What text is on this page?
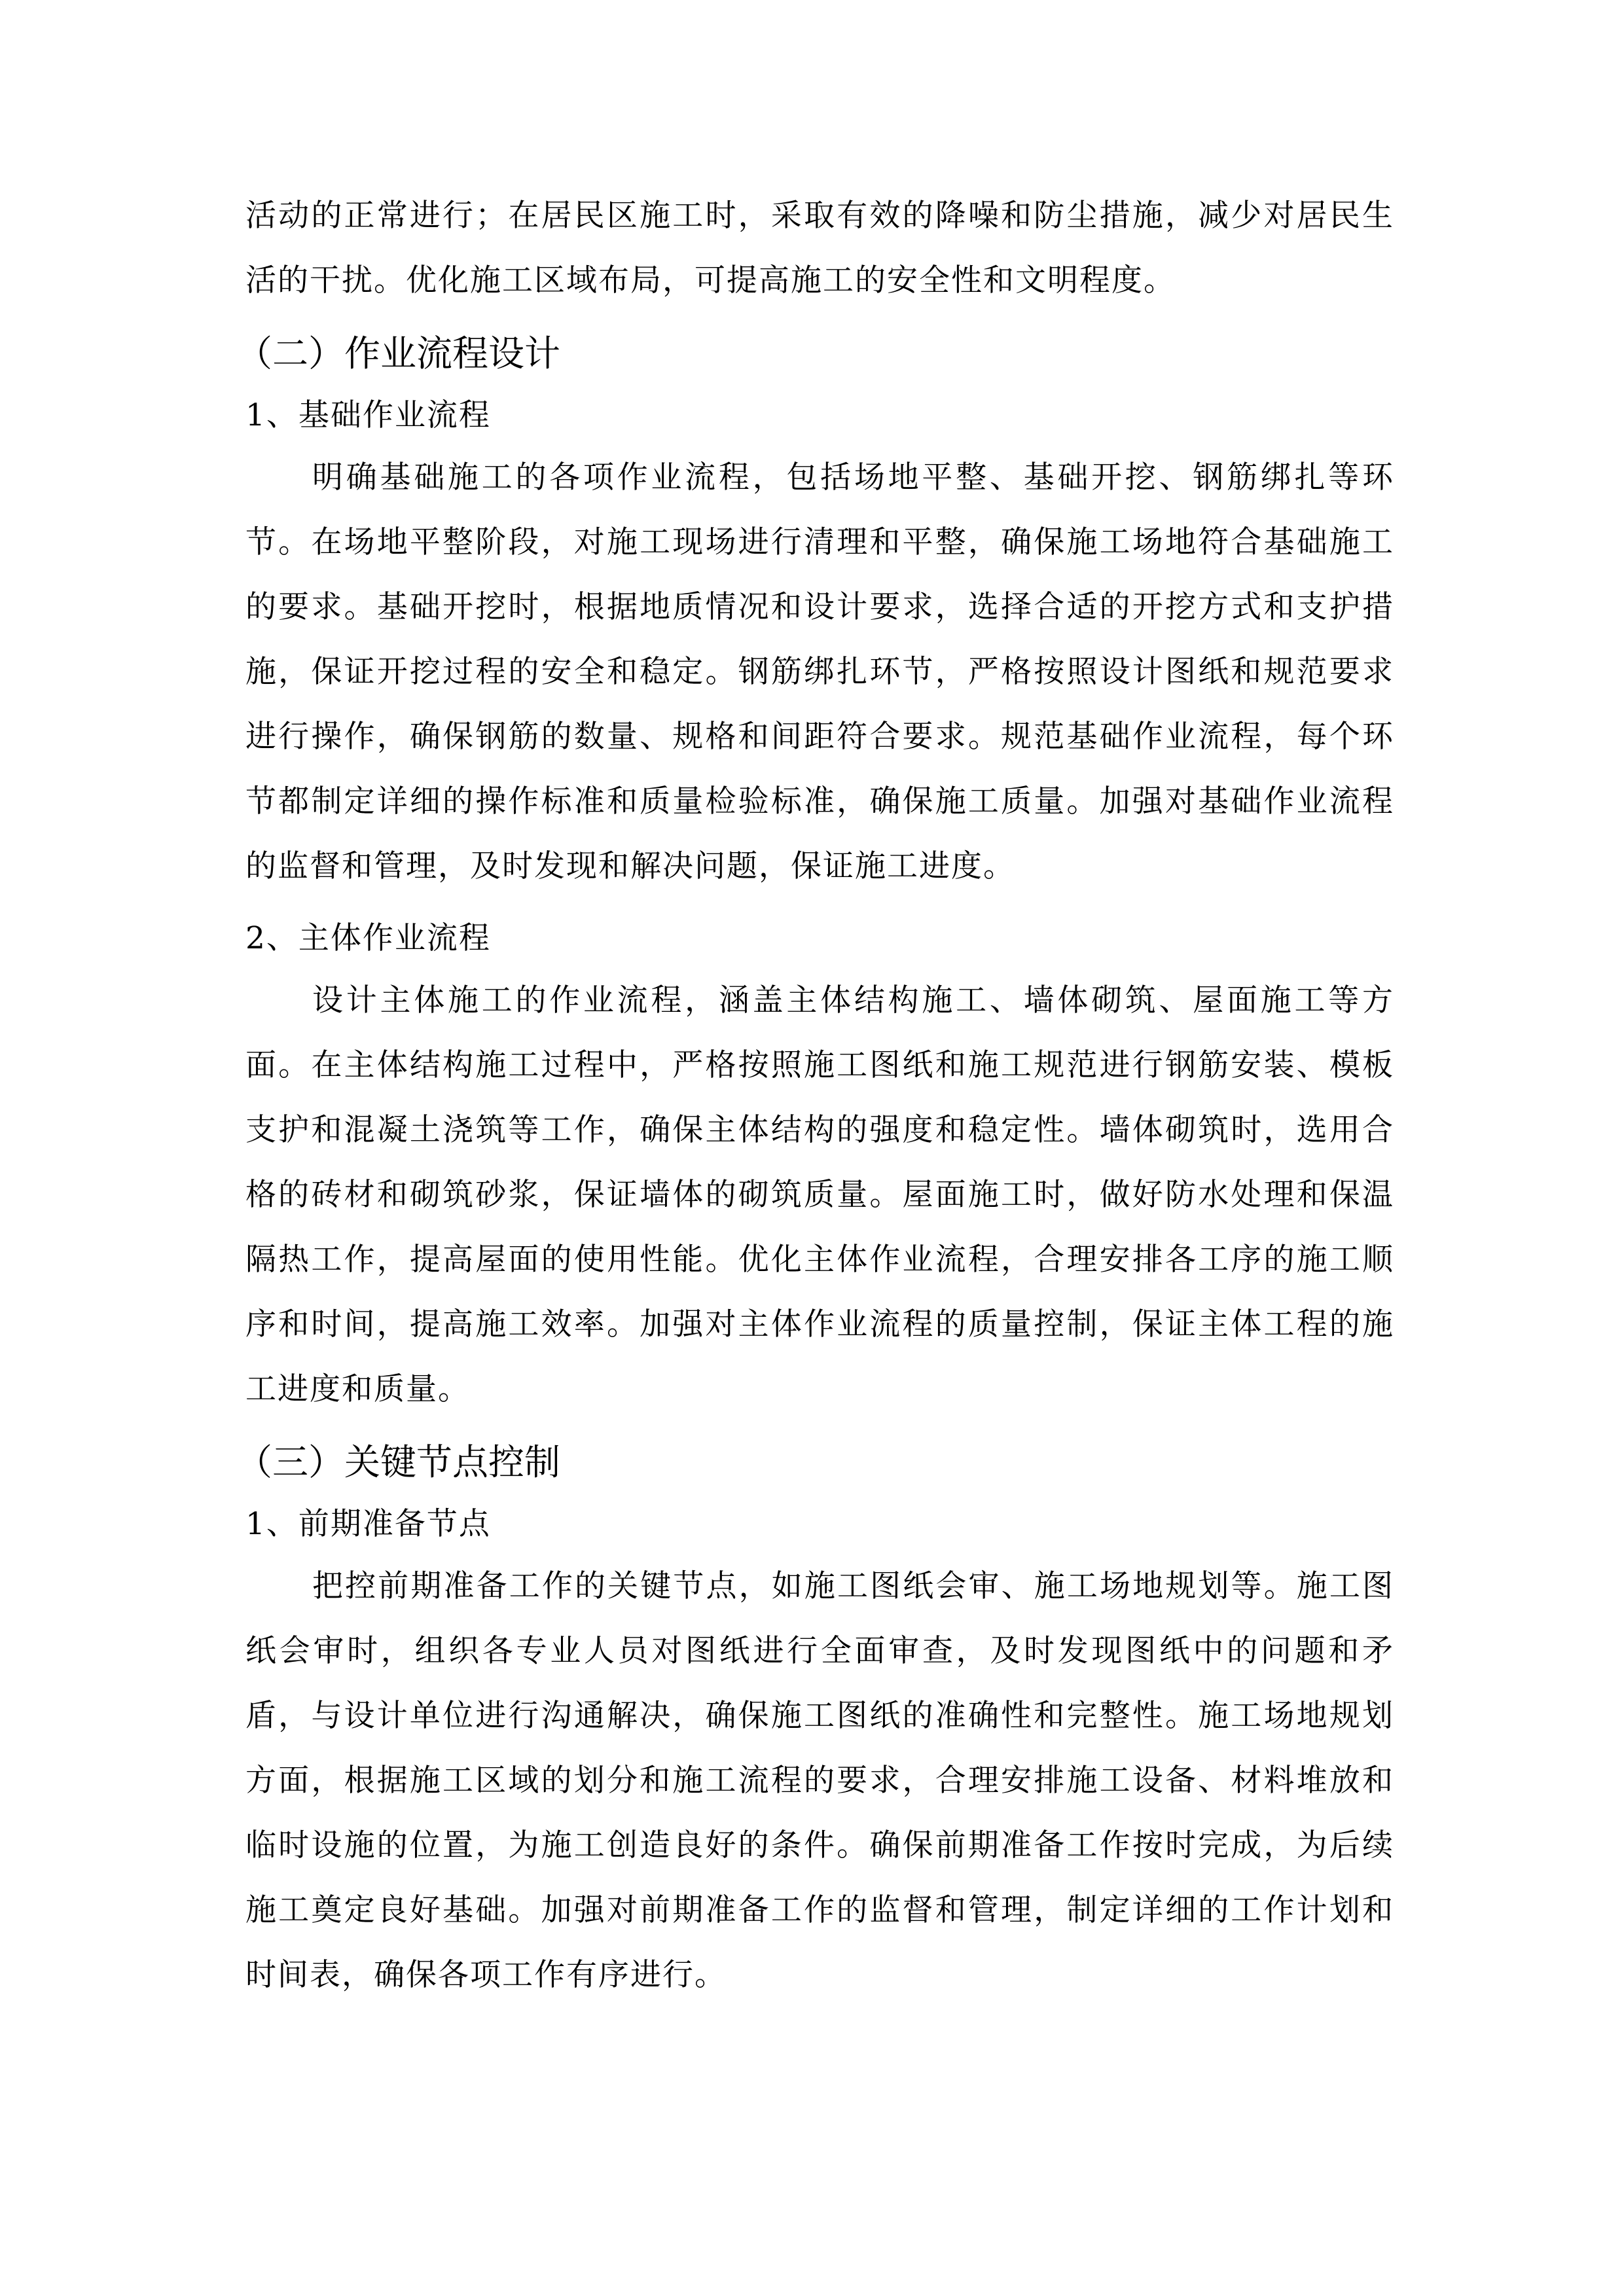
活动的正常进行；在居民区施工时，采取有效的降噪和防尘措施，减少对居民生活的干扰。优化施工区域布局，可提高施工的安全性和文明程度。

（二）作业流程设计
1、基础作业流程

明确基础施工的各项作业流程，包括场地平整、基础开挖、钢筋绑扎等环节。在场地平整阶段，对施工现场进行清理和平整，确保施工场地符合基础施工的要求。基础开挖时，根据地质情况和设计要求，选择合适的开挖方式和支护措施，保证开挖过程的安全和稳定。钢筋绑扎环节，严格按照设计图纸和规范要求进行操作，确保钢筋的数量、规格和间距符合要求。规范基础作业流程，每个环节都制定详细的操作标准和质量检验标准，确保施工质量。加强对基础作业流程的监督和管理，及时发现和解决问题，保证施工进度。

2、主体作业流程

设计主体施工的作业流程，涵盖主体结构施工、墙体砌筑、屋面施工等方面。在主体结构施工过程中，严格按照施工图纸和施工规范进行钢筋安装、模板支护和混凝土浇筑等工作，确保主体结构的强度和稳定性。墙体砌筑时，选用合格的砖材和砌筑砂浆，保证墙体的砌筑质量。屋面施工时，做好防水处理和保温隔热工作，提高屋面的使用性能。优化主体作业流程，合理安排各工序的施工顺序和时间，提高施工效率。加强对主体作业流程的质量控制，保证主体工程的施工进度和质量。

（三）关键节点控制
1、前期准备节点

把控前期准备工作的关键节点，如施工图纸会审、施工场地规划等。施工图纸会审时，组织各专业人员对图纸进行全面审查，及时发现图纸中的问题和矛盾，与设计单位进行沟通解决，确保施工图纸的准确性和完整性。施工场地规划方面，根据施工区域的划分和施工流程的要求，合理安排施工设备、材料堆放和临时设施的位置，为施工创造良好的条件。确保前期准备工作按时完成，为后续施工奠定良好基础。加强对前期准备工作的监督和管理，制定详细的工作计划和时间表，确保各项工作有序进行。
